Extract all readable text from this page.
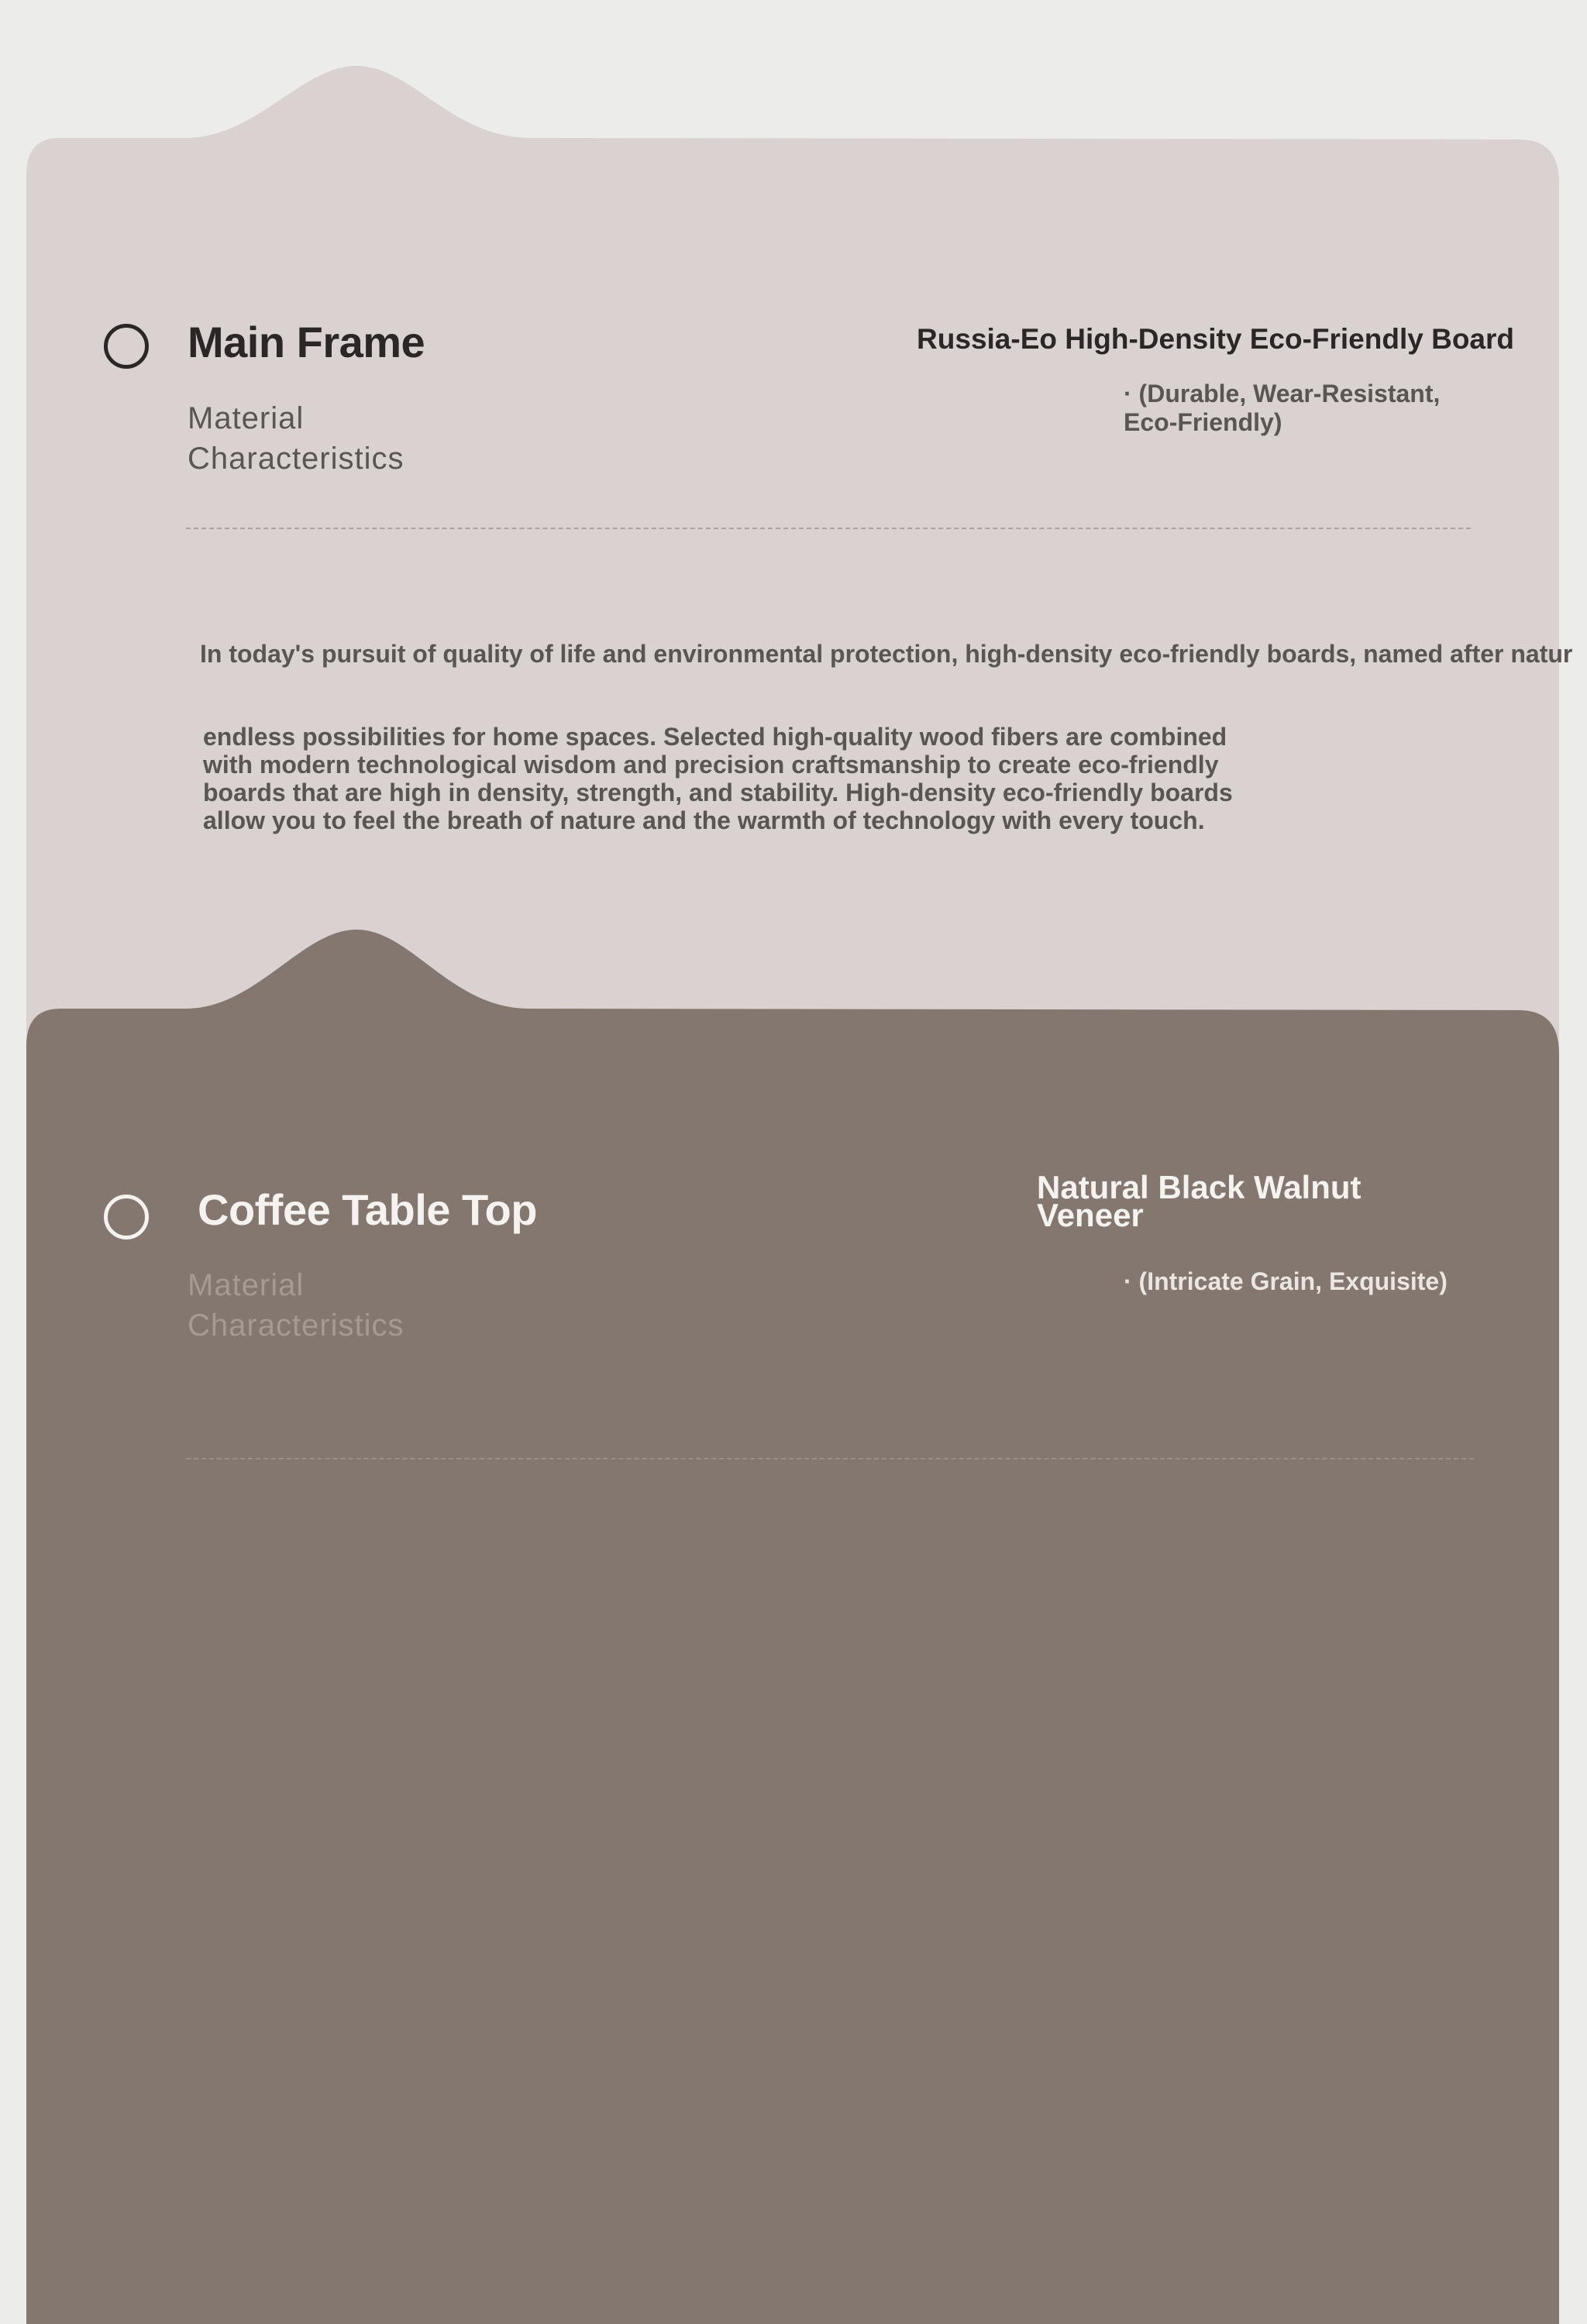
Main Frame
Material
Characteristics
Russia-Eo High-Density Eco-Friendly Board
· (Durable, Wear-Resistant,
Eco-Friendly)
In today's pursuit of quality of life and environmental protection, high-density eco-friendly boards, named after natur
endless possibilities for home spaces. Selected high-quality wood fibers are combined
with modern technological wisdom and precision craftsmanship to create eco-friendly
boards that are high in density, strength, and stability. High-density eco-friendly boards
allow you to feel the breath of nature and the warmth of technology with every touch.
Coffee Table Top
Material
Characteristics
Natural Black Walnut
Veneer
· (Intricate Grain, Exquisite)
